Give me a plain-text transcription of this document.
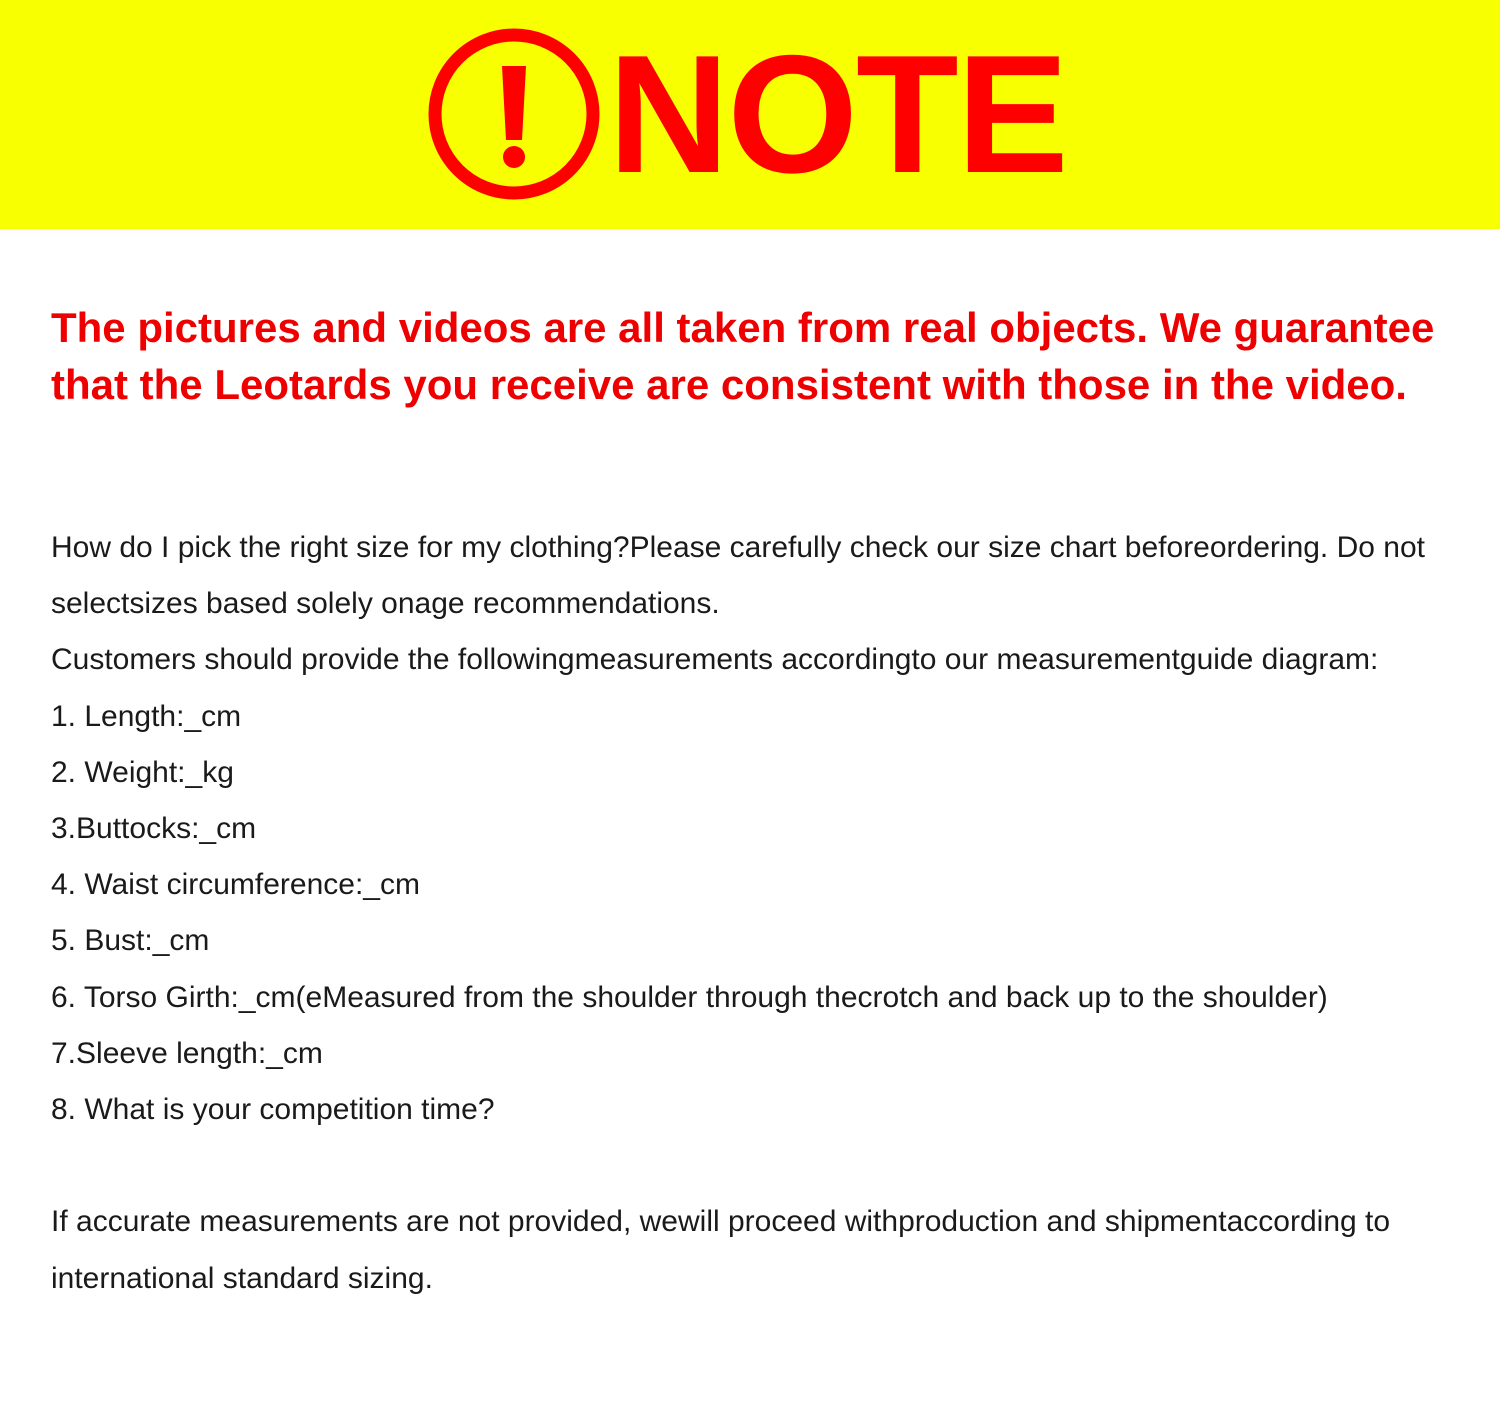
NOTE
The pictures and videos are all taken from real objects. We guarantee that the Leotards you receive are consistent with those in the video.

How do I pick the right size for my clothing?Please carefully check our size chart beforeordering. Do not selectsizes based solely onage recommendations.

Customers should provide the followingmeasurements accordingto our measurementguide diagram:

1. Length:_cm

2. Weight:_kg

3.Buttocks:_cm

4. Waist circumference:_cm

5. Bust:_cm

6. Torso Girth:_cm(eMeasured from the shoulder through thecrotch and back up to the shoulder)

7.Sleeve length:_cm

8. What is your competition time?

If accurate measurements are not provided, wewill proceed withproduction and shipmentaccording to international standard sizing.
